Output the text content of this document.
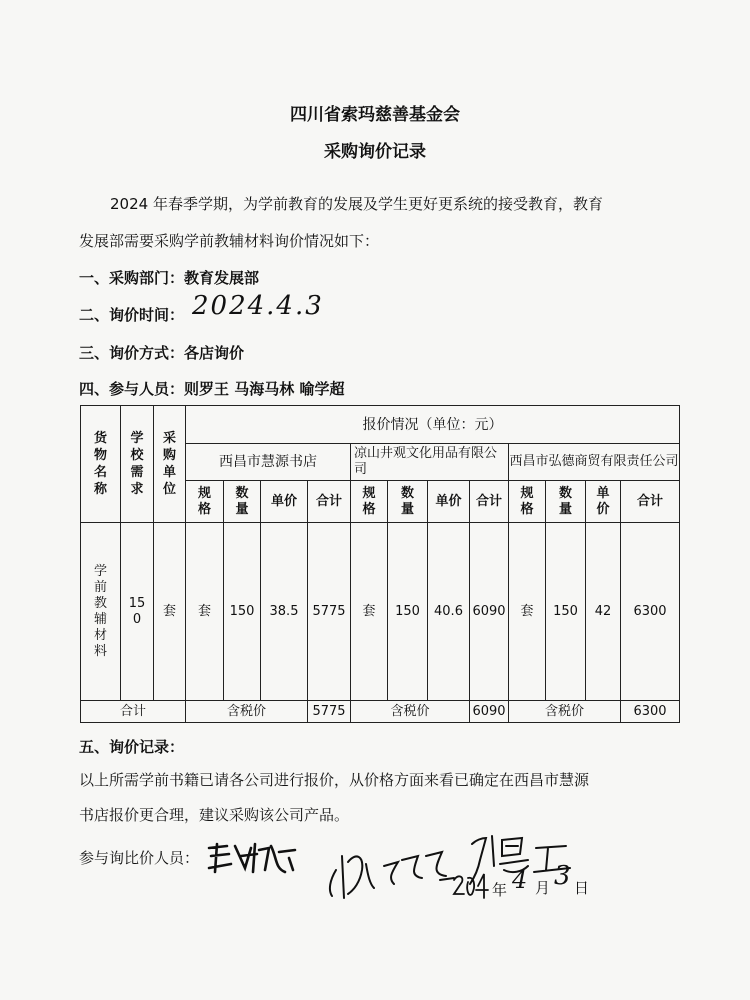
四川省索玛慈善基金会
采购询价记录
2024 年春季学期，为学前教育的发展及学生更好更系统的接受教育，教育
发展部需要采购学前教辅材料询价情况如下：
一、采购部门：教育发展部
二、询价时间： 2024.4.3
三、询价方式：各店询价
四、参与人员：则罗王 马海马林 喻学超
货物名称	学校需求	采购单位	报价情况（单位：元）											
			西昌市慧源书店				凉山井观文化用品有限公司				西昌市弘德商贸有限责任公司			

			规格	数量	单价	合计	规格	数量	单价	合计	规格	数量	单价	合计

学前教辅材料	150	套	套	150	38.5	5775	套	150	40.6	6090	套	150	42	6300
合计			含税价			5775	含税价			6090	含税价			6300
五、询价记录：
以上所需学前书籍已请各公司进行报价，从价格方面来看已确定在西昌市慧源
书店报价更合理，建议采购该公司产品。
参与询比价人员：
年 4 月 3 日
